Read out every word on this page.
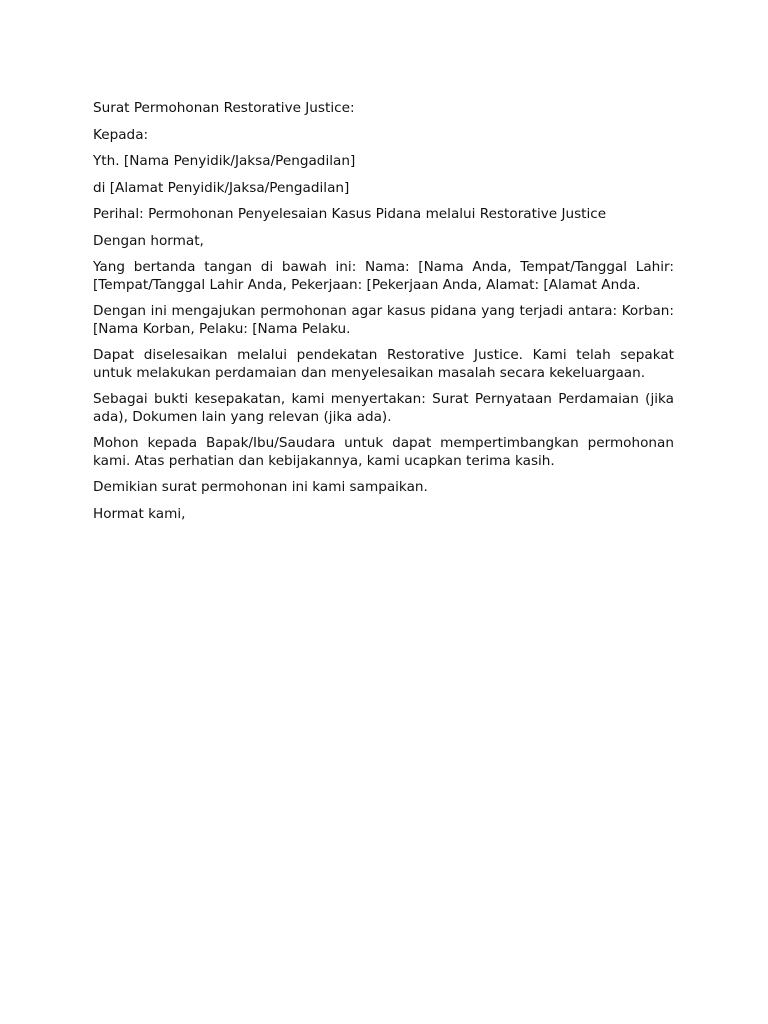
Surat Permohonan Restorative Justice:

Kepada:

Yth. [Nama Penyidik/Jaksa/Pengadilan]

di [Alamat Penyidik/Jaksa/Pengadilan]

Perihal: Permohonan Penyelesaian Kasus Pidana melalui Restorative Justice

Dengan hormat,

Yang bertanda tangan di bawah ini: Nama: [Nama Anda, Tempat/Tanggal Lahir: [Tempat/Tanggal Lahir Anda, Pekerjaan: [Pekerjaan Anda, Alamat: [Alamat Anda.

Dengan ini mengajukan permohonan agar kasus pidana yang terjadi antara: Korban: [Nama Korban, Pelaku: [Nama Pelaku.

Dapat diselesaikan melalui pendekatan Restorative Justice. Kami telah sepakat untuk melakukan perdamaian dan menyelesaikan masalah secara kekeluargaan.

Sebagai bukti kesepakatan, kami menyertakan: Surat Pernyataan Perdamaian (jika ada), Dokumen lain yang relevan (jika ada).

Mohon kepada Bapak/Ibu/Saudara untuk dapat mempertimbangkan permohonan kami. Atas perhatian dan kebijakannya, kami ucapkan terima kasih.

Demikian surat permohonan ini kami sampaikan.

Hormat kami,
